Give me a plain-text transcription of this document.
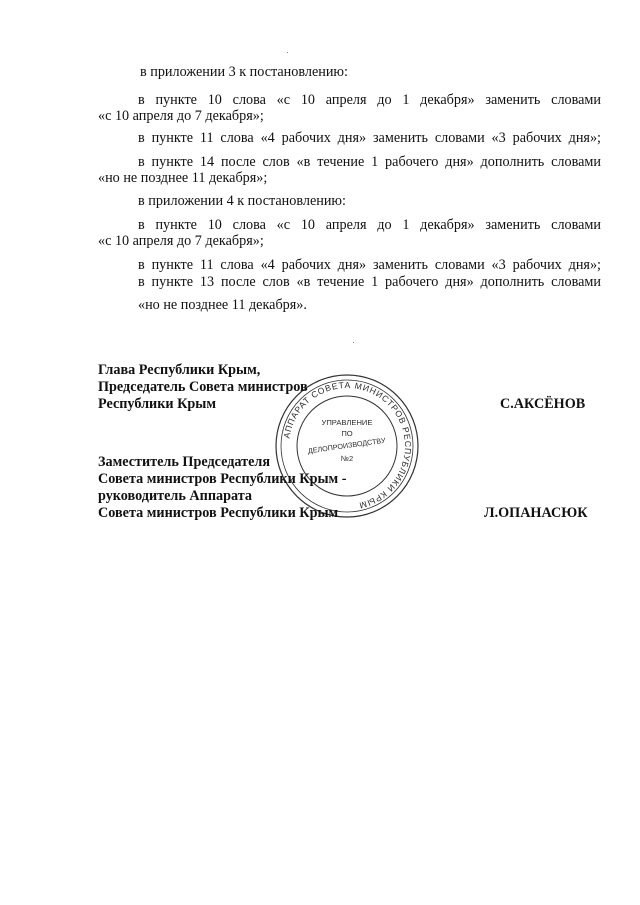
в приложении 3 к постановлению:
в пункте 10 слова «с 10 апреля до 1 декабря» заменить словами
«с 10 апреля до 7 декабря»;
в пункте 11 слова «4 рабочих дня» заменить словами «3 рабочих дня»;
в пункте 14 после слов «в течение 1 рабочего дня» дополнить словами
«но не позднее 11 декабря»;
в приложении 4 к постановлению:
в пункте 10 слова «с 10 апреля до 1 декабря» заменить словами
«с 10 апреля до 7 декабря»;
в пункте 11 слова «4 рабочих дня» заменить словами «3 рабочих дня»;
в пункте 13 после слов «в течение 1 рабочего дня» дополнить словами
«но не позднее 11 декабря».
АППАРАТ СОВЕТА МИНИСТРОВ РЕСПУБЛИКИ КРЫМ
УПРАВЛЕНИЕ
ПО
ДЕЛОПРОИЗВОДСТВУ
№2
Глава Республики Крым,
Председатель Совета министров
Республики Крым	С.АКСЁНОВ
Заместитель Председателя
Совета министров Республики Крым -
руководитель Аппарата
Совета министров Республики Крым	Л.ОПАНАСЮК
